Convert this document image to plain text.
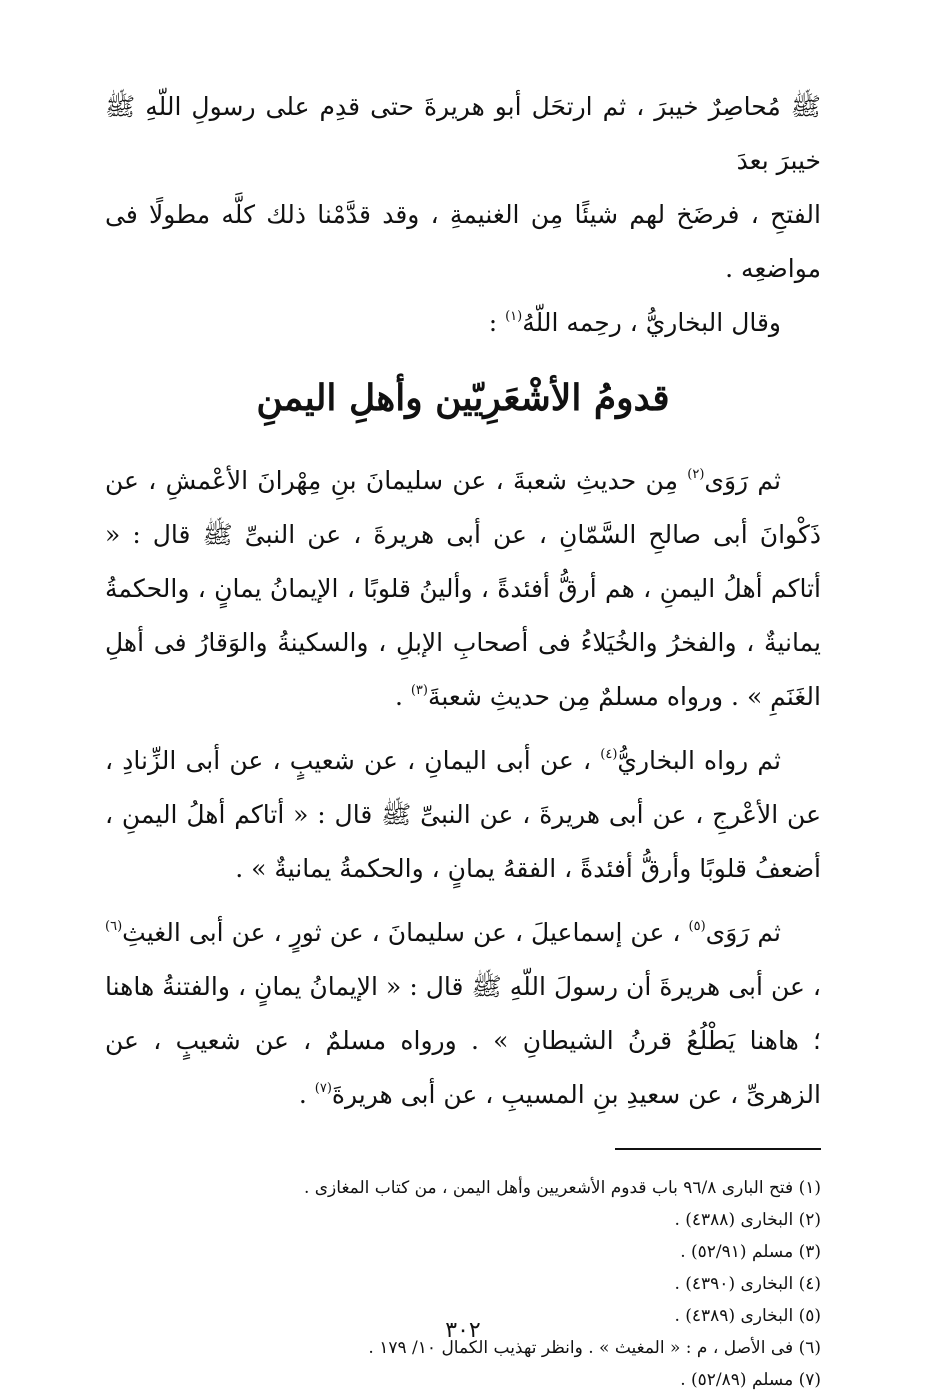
ﷺ مُحاصِرٌ خيبرَ ، ثم ارتحَل أبو هريرةَ حتى قدِم على رسولِ اللّهِ ﷺ خيبرَ بعدَ

الفتحِ ، فرضَخ لهم شيئًا مِن الغنيمةِ ، وقد قدَّمْنا ذلك كلَّه مطولًا فى مواضعِه .

وقال البخاريُّ ، رحِمه اللّهُ$^{(١)}$ :

قدومُ الأشْعَرِيّين وأهلِ اليمنِ

ثم رَوَى$^{(٢)}$ مِن حديثِ شعبةَ ، عن سليمانَ بنِ مِهْرانَ الأعْمشِ ، عن ذَكْوانَ أبى صالحِ السَّمّانِ ، عن أبى هريرةَ ، عن النبىِّ ﷺ قال : « أتاكم أهلُ اليمنِ ، هم أرقُّ أفئدةً ، وألينُ قلوبًا ، الإيمانُ يمانٍ ، والحكمةُ يمانيةٌ ، والفخرُ والخُيَلاءُ فى أصحابِ الإبلِ ، والسكينةُ والوَقارُ فى أهلِ الغَنَمِ » . ورواه مسلمٌ مِن حديثِ شعبةَ$^{(٣)}$ .

ثم رواه البخاريُّ$^{(٤)}$ ، عن أبى اليمانِ ، عن شعيبٍ ، عن أبى الزِّنادِ ، عن الأعْرجِ ، عن أبى هريرةَ ، عن النبىِّ ﷺ قال : « أتاكم أهلُ اليمنِ ، أضعفُ قلوبًا وأرقُّ أفئدةً ، الفقهُ يمانٍ ، والحكمةُ يمانيةٌ » .

ثم رَوَى$^{(٥)}$ ، عن إسماعيلَ ، عن سليمانَ ، عن ثورٍ ، عن أبى الغيثِ$^{(٦)}$ ، عن أبى هريرةَ أن رسولَ اللّهِ ﷺ قال : « الإيمانُ يمانٍ ، والفتنةُ هاهنا ؛ هاهنا يَطْلُعُ قرنُ الشيطانِ » . ورواه مسلمٌ ، عن شعيبٍ ، عن الزهرىِّ ، عن سعيدِ بنِ المسيبِ ، عن أبى هريرةَ$^{(٧)}$ .

(١) فتح البارى ٩٦/٨ باب قدوم الأشعريين وأهل اليمن ، من كتاب المغازى .
(٢) البخارى (٤٣٨٨) .
(٣) مسلم (٥٢/٩١) .
(٤) البخارى (٤٣٩٠) .
(٥) البخارى (٤٣٨٩) .
(٦) فى الأصل ، م : « المغيث » . وانظر تهذيب الكمال ١٠/ ١٧٩ .
(٧) مسلم (٥٢/٨٩) .
٣٠٢
